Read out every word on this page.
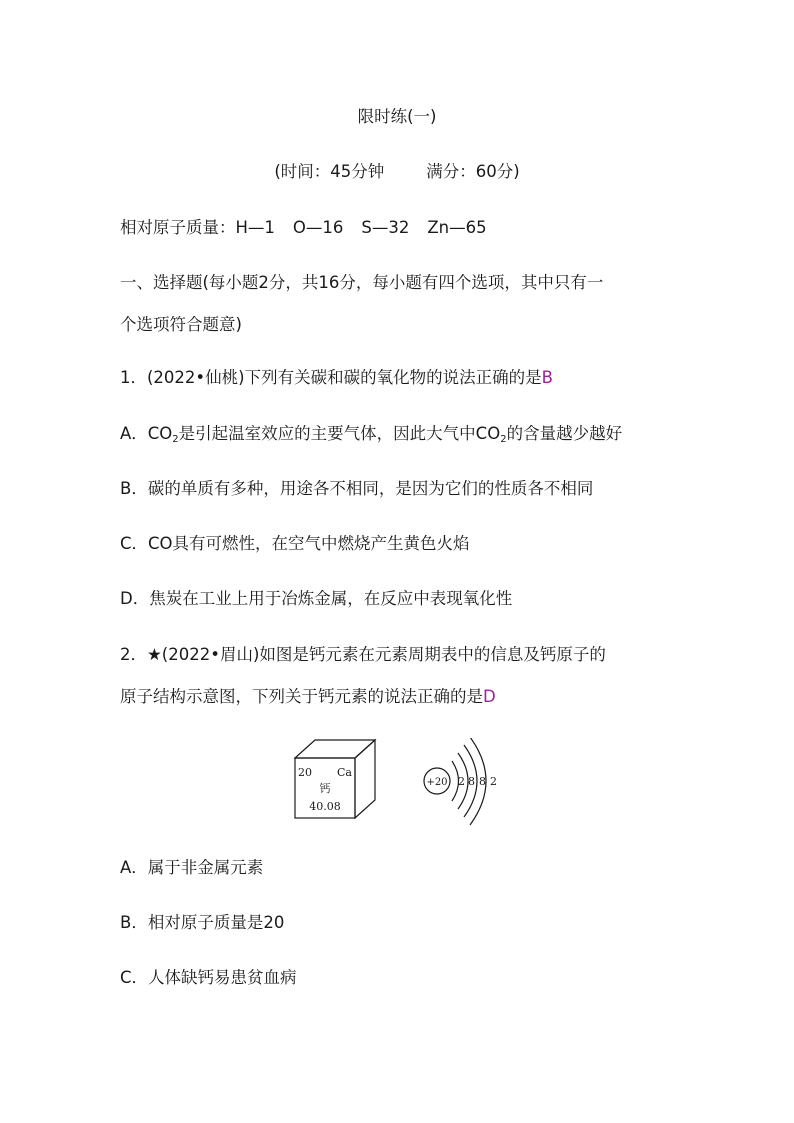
限时练(一)
(时间：45分钟	满分：60分)
相对原子质量：H—1 O—16 S—32 Zn—65
一、选择题(每小题2分，共16分，每小题有四个选项，其中只有一
个选项符合题意)
1．(2022•仙桃)下列有关碳和碳的氧化物的说法正确的是B
A．$CO_2$是引起温室效应的主要气体，因此大气中$CO_2$的含量越少越好
B．碳的单质有多种，用途各不相同，是因为它们的性质各不相同
C．CO具有可燃性，在空气中燃烧产生黄色火焰
D．焦炭在工业上用于冶炼金属，在反应中表现氧化性
2．★(2022•眉山)如图是钙元素在元素周期表中的信息及钙原子的
原子结构示意图，下列关于钙元素的说法正确的是D
20 Ca
钙
40.08
+20 2 8 8 2
A．属于非金属元素
B．相对原子质量是20
C．人体缺钙易患贫血病
